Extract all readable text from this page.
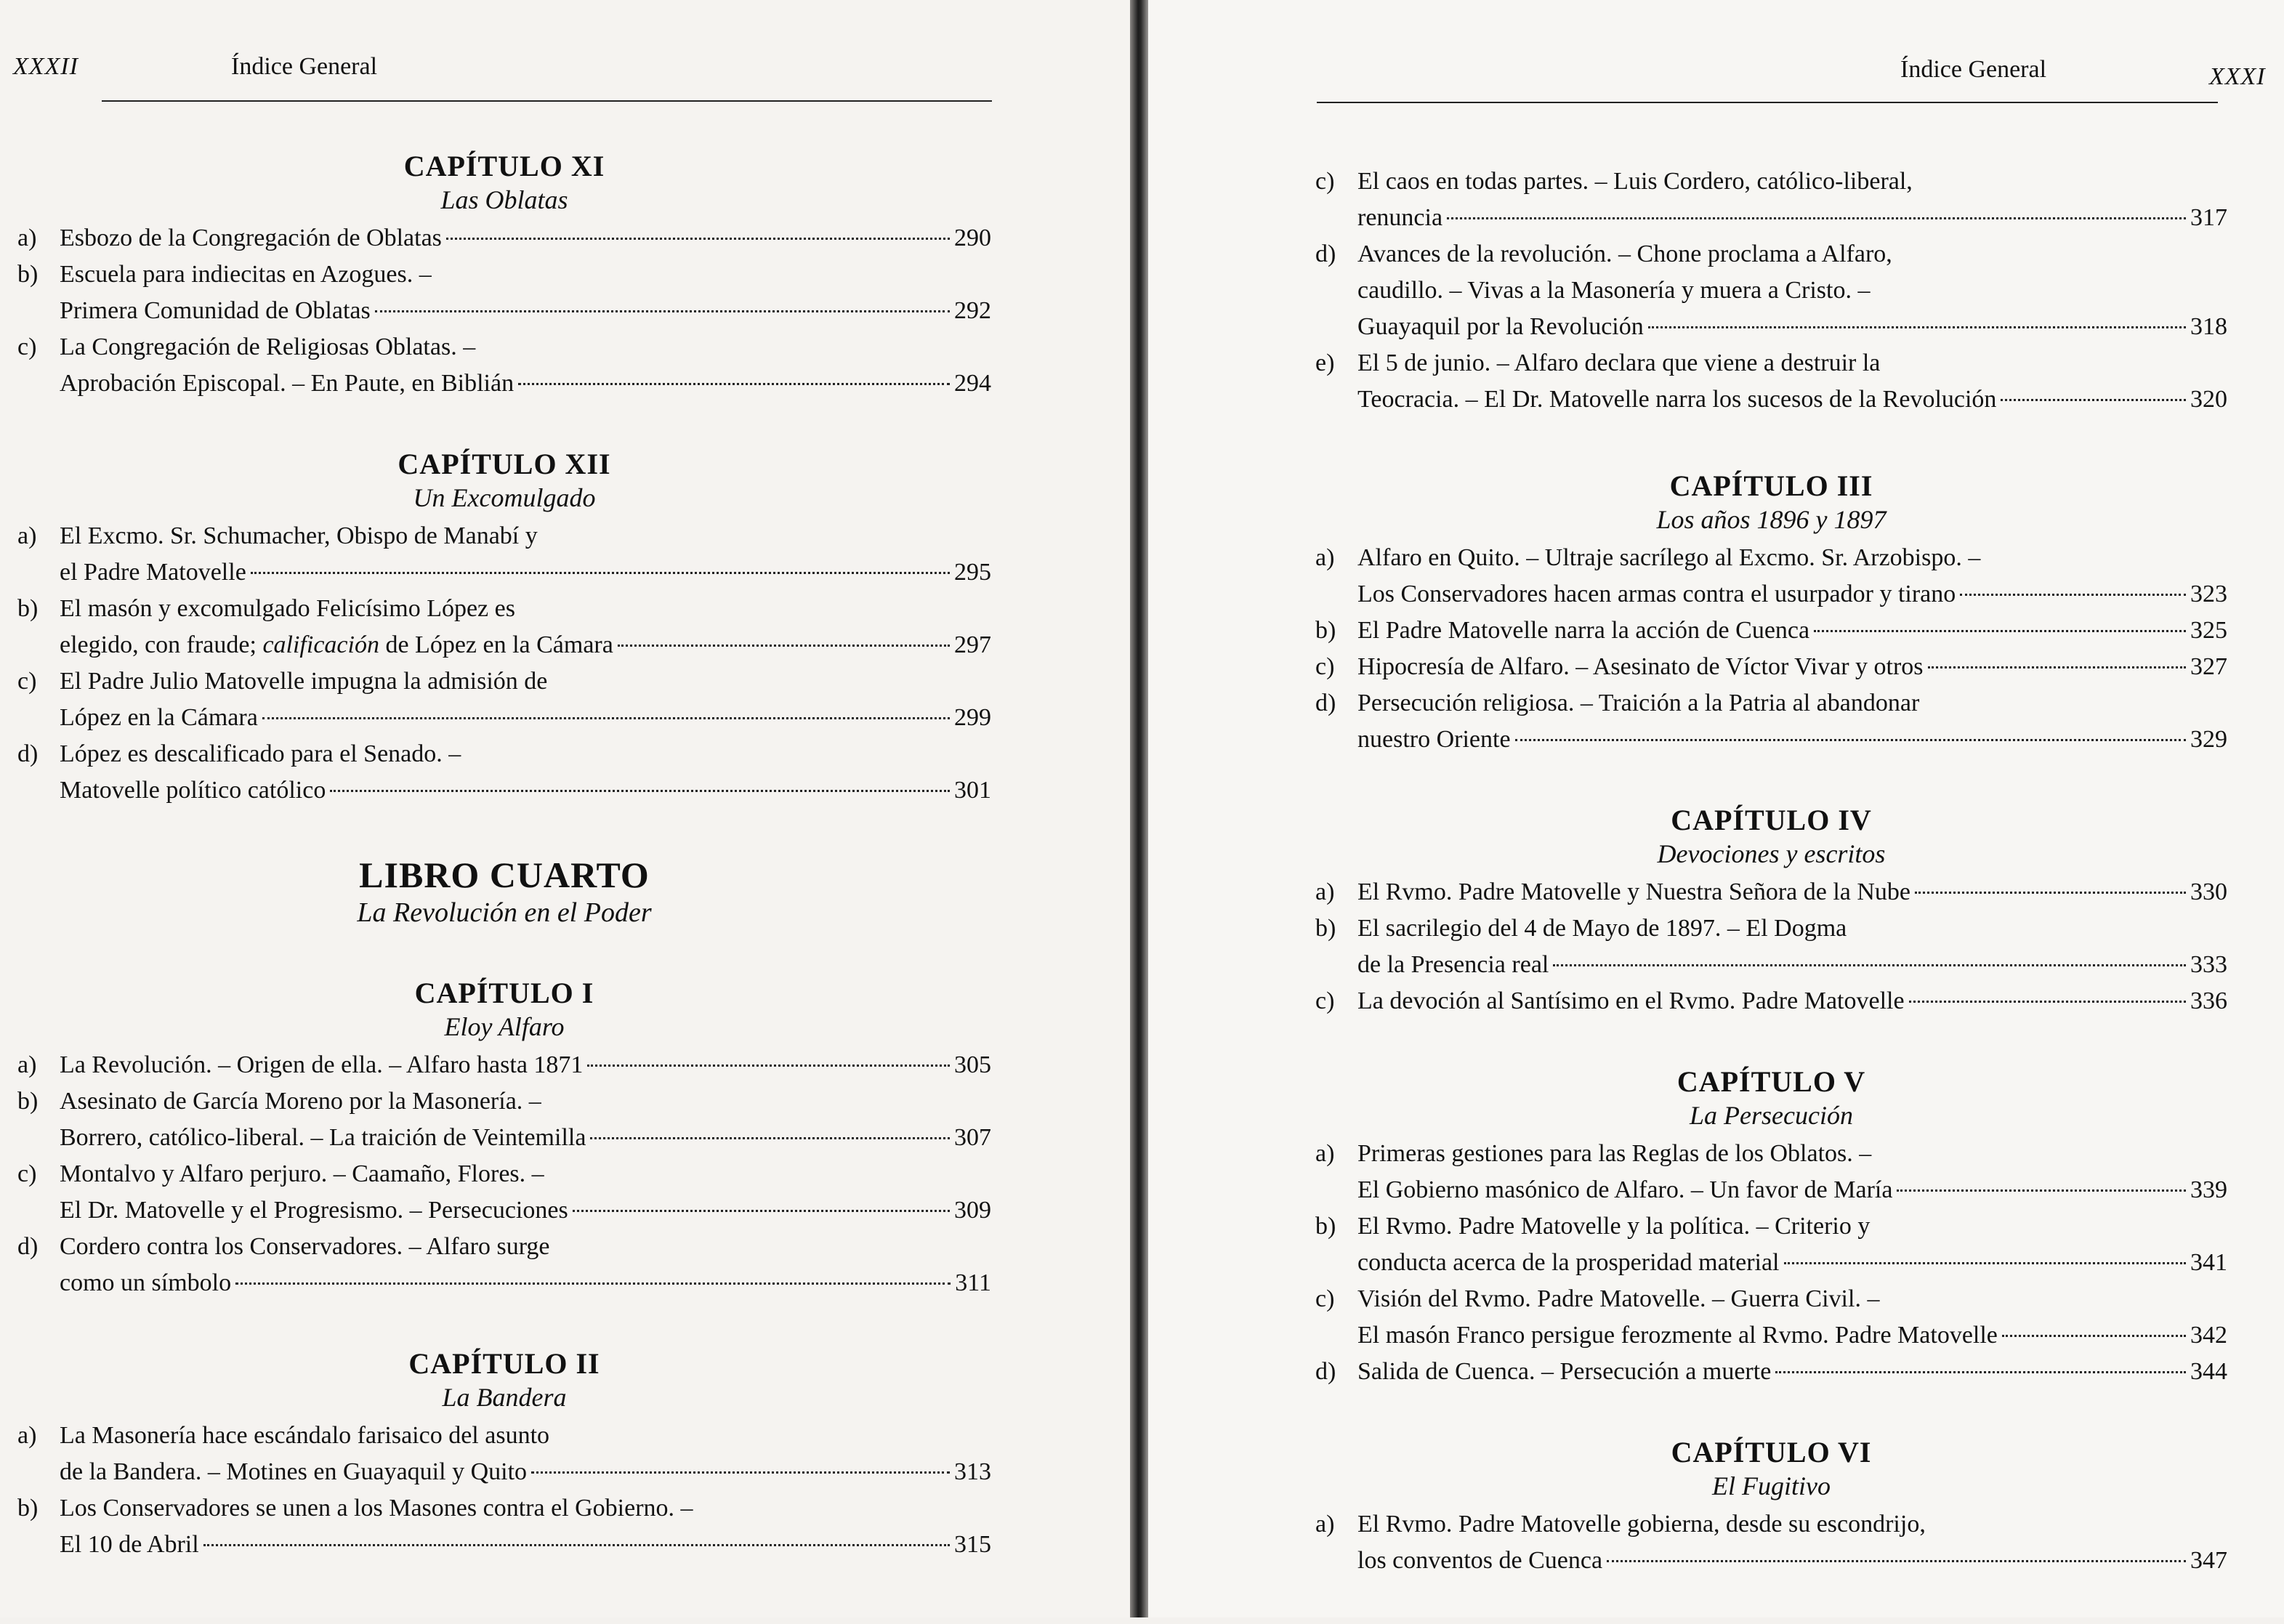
XXXII	Índice General
CAPÍTULO XI
Las Oblatas
a) Esbozo de la Congregación de Oblatas	290
b) Escuela para indiecitas en Azogues. –
Primera Comunidad de Oblatas	292
c) La Congregación de Religiosas Oblatas. –
Aprobación Episcopal. – En Paute, en Biblián	294
CAPÍTULO XII
Un Excomulgado
a) El Excmo. Sr. Schumacher, Obispo de Manabí y
el Padre Matovelle	295
b) El masón y excomulgado Felicísimo López es
elegido, con fraude; calificación de López en la Cámara	297
c) El Padre Julio Matovelle impugna la admisión de
López en la Cámara	299
d) López es descalificado para el Senado. –
Matovelle político católico	301
LIBRO CUARTO
La Revolución en el Poder
CAPÍTULO I
Eloy Alfaro
a) La Revolución. – Origen de ella. – Alfaro hasta 1871	305
b) Asesinato de García Moreno por la Masonería. –
Borrero, católico-liberal. – La traición de Veintemilla	307
c) Montalvo y Alfaro perjuro. – Caamaño, Flores. –
El Dr. Matovelle y el Progresismo. – Persecuciones	309
d) Cordero contra los Conservadores. – Alfaro surge
como un símbolo	311
CAPÍTULO II
La Bandera
a) La Masonería hace escándalo farisaico del asunto
de la Bandera. – Motines en Guayaquil y Quito	313
b) Los Conservadores se unen a los Masones contra el Gobierno. –
El 10 de Abril	315
Índice General	XXXI
c) El caos en todas partes. – Luis Cordero, católico-liberal,
renuncia	317
d) Avances de la revolución. – Chone proclama a Alfaro,
caudillo. – Vivas a la Masonería y muera a Cristo. –
Guayaquil por la Revolución	318
e) El 5 de junio. – Alfaro declara que viene a destruir la
Teocracia. – El Dr. Matovelle narra los sucesos de la Revolución	320
CAPÍTULO III
Los años 1896 y 1897
a) Alfaro en Quito. – Ultraje sacrílego al Excmo. Sr. Arzobispo. –
Los Conservadores hacen armas contra el usurpador y tirano	323
b) El Padre Matovelle narra la acción de Cuenca	325
c) Hipocresía de Alfaro. – Asesinato de Víctor Vivar y otros	327
d) Persecución religiosa. – Traición a la Patria al abandonar
nuestro Oriente	329
CAPÍTULO IV
Devociones y escritos
a) El Rvmo. Padre Matovelle y Nuestra Señora de la Nube	330
b) El sacrilegio del 4 de Mayo de 1897. – El Dogma
de la Presencia real	333
c) La devoción al Santísimo en el Rvmo. Padre Matovelle	336
CAPÍTULO V
La Persecución
a) Primeras gestiones para las Reglas de los Oblatos. –
El Gobierno masónico de Alfaro. – Un favor de María	339
b) El Rvmo. Padre Matovelle y la política. – Criterio y
conducta acerca de la prosperidad material	341
c) Visión del Rvmo. Padre Matovelle. – Guerra Civil. –
El masón Franco persigue ferozmente al Rvmo. Padre Matovelle	342
d) Salida de Cuenca. – Persecución a muerte	344
CAPÍTULO VI
El Fugitivo
a) El Rvmo. Padre Matovelle gobierna, desde su escondrijo,
los conventos de Cuenca	347
